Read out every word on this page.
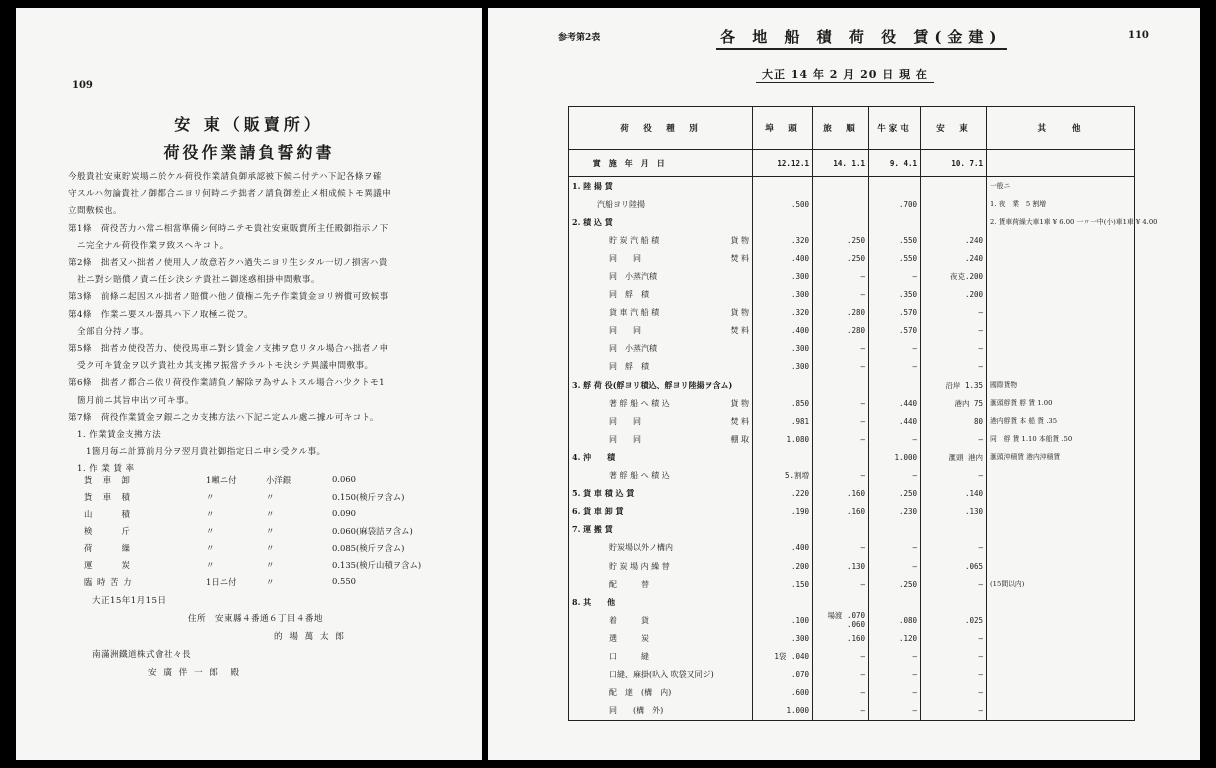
109
安 東（販賣所）
荷役作業請負誓約書
今般貴社安東貯炭場ニ於ケル荷役作業請負御承認被下候ニ付テハ下記各條ヲ確
守スルハ勿論貴社ノ御都合ニヨリ何時ニテ拙者ノ請負御差止メ相成候トモ異議申
立間敷候也。
第1條　荷役苦力ハ常ニ相當準備シ何時ニテモ貴社安東販賣所主任殿御指示ノ下
　ニ完全ナル荷役作業ヲ致スヘキコト。
第2條　拙者又ハ拙者ノ使用人ノ故意若クハ過失ニヨリ生シタル一切ノ損害ハ貴
　社ニ對シ賠償ノ責ニ任シ決シテ貴社ニ御迷惑相掛申間敷事。
第3條　前條ニ起因スル拙者ノ賠償ハ他ノ債権ニ先チ作業賃金ヨリ辨償可致候事
第4條　作業ニ要スル器具ハ下ノ取極ニ從フ。
　全部自分持ノ事。
第5條　拙者カ使役苦力、使役馬車ニ對シ賃金ノ支拂ヲ怠リタル場合ハ拙者ノ申
　受ク可キ賃金ヲ以テ貴社カ其支拂ヲ振當テラルトモ決シテ異議申間敷事。
第6條　拙者ノ都合ニ依リ荷役作業請負ノ解除ヲ為サムトスル場合ハ少クトモ1
　箇月前ニ其旨申出ツ可キ事。
第7條　荷役作業賃金ヲ銀ニ之カ支拂方法ハ下記ニ定ムル處ニ據ル可キコト。
　1. 作業賃金支拂方法
　　1箇月毎ニ計算前月分ヲ翌月貴社御指定日ニ申シ受クル事。
　1. 作 業 賃 率
貨　車　卸	1噸ニ付	小洋銀	0.060
貨　車　積	〃	〃	0.150(検斤ヲ含ム)
山　　　積	〃	〃	0.090
検　　　斤	〃	〃	0.060(麻袋詰ヲ含ム)
荷　　　繰	〃	〃	0.085(検斤ヲ含ム)
運　　　炭	〃	〃	0.135(検斤山積ヲ含ム)
臨 時 苦 力	1日ニ付	〃	0.550
大正15年1月15日
住所　安東縣４番通６丁目４番地
的 場 萬 太 郎
南滿洲鐵道株式會社々長
安 廣 伴 一 郎　殿
参考第2表	各 地 船 積 荷 役 賃(金建)	110
大正 14 年 2 月 20 日 現 在
荷　役　種　別		埠　頭	旅　順	牛家屯	安　東	其　　他
實　施　年　月　日		12.12.1	14. 1.1	9. 4.1	10. 7.1	
1. 陸 揚 賃						一般ニ
汽船ヨリ陸揚		.500		.700		1. 夜　業　5 割増
2. 積 込 賃						2. 貨車荷繰大車1車 ¥ 6.00 一〃一中(小)車1車 ¥ 4.00
貯 炭 汽 船 積	貨 物	.320	.250	.550	.240	
同　　同	焚 料	.400	.250	.550	.240	
同　小蒸汽積		.300	—	—	夜克.200	
同　艀　積		.300	—	.350	.200	
貨 車 汽 船 積	貨 物	.320	.280	.570	—	
同　　同	焚 料	.400	.280	.570	—	
同　小蒸汽積		.300	—	—	—	
同　艀　積		.300	—	—	—	
3. 艀 荷 役(艀ヨリ積込、艀ヨリ陸揚ヲ含ム)					沿岸 1.35	國際貨物
著 艀 船 へ 積 込	貨 物	.850	—	.440	港内 75	滙頭艀貨 艀 賃 1.00
同　　同	焚 料	.981	—	.440	80	港内艀貨 本 船 貨 .35
同　　同	棚 取	1.080	—	—	—	同　艀 賃 1.10 本船貨 .50
4. 沖　　積				1.000	滙頭 港内	滙頭沖積賃 港内沖積賃
著 艀 船 へ 積 込		5.割増	—	—	—	
5. 貨 車 積 込 賃		.220	.160	.250	.140	
6. 貨 車 卸 賃		.190	.160	.230	.130	
7. 運 搬 賃						
貯炭場以外ノ構内		.400	—	—	—	
貯 炭 場 内 繰 替		.200	.130	—	.065	
配　　　替		.150	—	.250	—	(15間以内)
8. 其　　他						
着　　　貨		.100	場渡 .070 .060	.080	.025	
選　　　炭		.300	.160	.120	—	
口　　　縫		1袋 .040	—	—	—	
口縫、麻掛(叺入 吹袋又同ジ)		.070	—	—	—	
配　達　(構　内)		.600	—	—	—	
同　　(構　外)		1.000	—	—	—	
